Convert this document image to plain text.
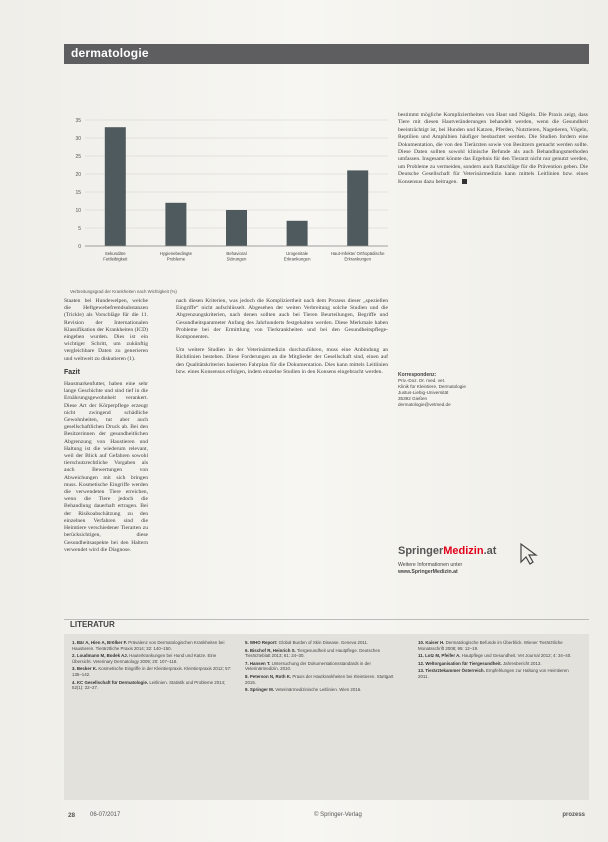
dermatologie
0
5
10
15
20
25
30
35
Sekundäre Fettleibigkeit
Hygienebedingte Probleme
Behavioral Störungen
Urogenitale Erkrankungen
Haut-Infekte/ Orthopädische Erkrankungen
Verbreitungsgrad der Krankheiten nach Wichtigkeit (%)

Staaten bei Hundewelpen, welche die Heftgewebefremdsubstanzen (Trickle) als Vorschläge für die 11. Revision der Internationalen Klassifikation der Krankheiten (ICD) eingeben wurden. Dies ist ein wichtiger Schritt, um zukünftig vergleichbare Daten zu generieren und weltweit zu diskutieren (1).

Fazit

Hausmarkenfutter, haben eine sehr lange Geschichte und sind tief in die Ernährungsgewohnheit verankert. Diese Art der Körperpflege erzeugt nicht zwingend schädliche Gewohnheiten, tut aber auch gesellschaftlichen Druck ab. Bei den Besitzerinnen der gesundheitlichen Abgrenzung von Haustieren und Haltung ist die wiederum relevant, weil der Blick auf Gefahren sowohl tierschutzrechtliche Vorgaben als auch Bewertungen von Abweichungen mit sich bringen muss. Kosmetische Eingriffe werden die verwendeten Tiere erreichen, wenn die Tiere jedoch die Behandlung dauerhaft ertragen. Bei der Risikoabschätzung zu den einzelnen Verfahren sind die Heimtiere verschiedener Tierarten zu berücksichtigen, diese Gesundheitsaspekte bei den Haltern verwendet wird die Diagnose.

nach diesen Kriterien, was jedoch die Kompliziertheit nach dem Prozess dieser „speziellen Eingriffe“ nicht aufschlüsselt. Abgesehen der weiten Verbreitung solche Studien und die Abgrenzungskriterien, nach denen sollten auch bei Tieren Beurteilungen, Begriffe und Gesundheitsparameter Anfang des Jahrhunderts festgehalten werden. Diese Merkmale haben Probleme bei der Ermittlung von Tierkrankheiten und bei den Gesundheitspflege-Komponenten.

Um weitere Studien in der Veterinärmedizin durchzuführen, muss eine Anbindung an Richtlinien bestehen. Diese Forderungen an die Mitglieder der Gesellschaft sind, einen auf den Qualitätskriterien basierten Fahrplan für die Dokumentation. Dies kann mittels Leitlinien bzw. eines Konsensus erfolgen, indem einzelne Studien in den Konsens eingebracht werden.

bestimmt mögliche Kompliziertheiten von Haut und Nägeln. Die Praxis zeigt, dass Tiere mit diesen Hautveränderungen behandelt werden, wenn die Gesundheit beeinträchtigt ist, bei Hunden und Katzen, Pferden, Nutztieren, Nagetieren, Vögeln, Reptilien und Amphibien häufiger beobachtet werden. Die Studien fordern eine Dokumentation, die von den Tierärzten sowie von Besitzern gemacht werden sollte. Diese Daten sollten sowohl klinische Befunde als auch Behandlungsmethoden umfassen. Insgesamt könnte das Ergebnis für den Tierarzt nicht nur genutzt werden, um Probleme zu vermeiden, sondern auch Ratschläge für die Prävention geben. Die Deutsche Gesellschaft für Veterinärmedizin kann mittels Leitlinien bzw. eines Konsensus dazu beitragen.
Korrespondenz:
Priv.-Doz. Dr. med. vet.
Klinik für Kleintiere, Dermatologie
Justus-Liebig-Universität
35392 Gießen
dermatologie@vetmed.de
SpringerMedizin.at
Weitere Informationen unter
www.SpringerMedizin.at
LITERATUR

1. Bär A, Hien A, Brölker F. Prävalenz von Dermatologischen Krankheiten bei Haustieren. Tierärztliche Praxis 2014; 32: 140–150.

2. Loudmann M, Bodek AJ. Hauterkrankungen bei Hund und Katze. Eine Übersicht. Veterinary Dermatology 2009; 20: 107–118.

3. Becker K. Kosmetische Eingriffe in der Kleintierpraxis. Kleintierpraxis 2012; 57: 135–142.

4. KC Gesellschaft für Dermatologie. Leitlinien. Statistik und Probleme 2014; 52(1): 22–27.

5. WHO Report: Global Burden of Skin Disease. Geneva 2011.

6. Bischof R, Heinrich S. Tiergesundheit und Hautpflege. Deutsches Tierärzteblatt 2013; 61: 24–30.

7. Hansen T. Untersuchung der Dokumentationsstandards in der Veterinärmedizin. 2010.

8. Peterson N, Roth K. Praxis der Hautkrankheiten bei Kleintieren. Stuttgart 2015.

9. Springer M. Veterinärmedizinische Leitlinien. Wien 2016.

10. Kaiser H. Dermatologische Befunde im Überblick. Wiener Tierärztliche Monatsschrift 2008; 95: 12–19.

11. Lotz M, Pfeifer A. Hautpflege und Gesundheit. Vet Journal 2012; 4: 34–40.

12. Weltorganisation für Tiergesundheit. Jahresbericht 2013.

13. Tierärztekammer Österreich. Empfehlungen zur Haltung von Heimtieren 2011.

28 06-07/2017	© Springer-Verlag	prozess
